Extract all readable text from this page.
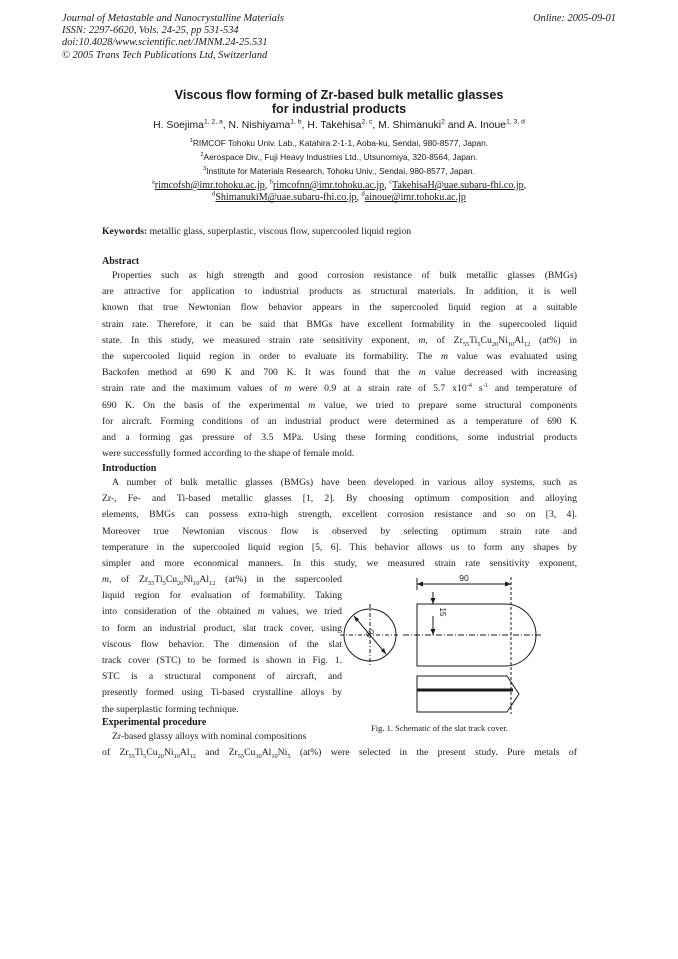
Journal of Metastable and Nanocrystalline Materials
ISSN: 2297-6620, Vols. 24-25, pp 531-534
doi:10.4028/www.scientific.net/JMNM.24-25.531
© 2005 Trans Tech Publications Ltd, Switzerland
Online: 2005-09-01
Viscous flow forming of Zr-based bulk metallic glasses
for industrial products
H. Soejima$^{1, 2, a}$, N. Nishiyama$^{1, b}$, H. Takehisa$^{2, c}$, M. Shimanuki$^2$ and A. Inoue$^{1, 3, d}$
$^1$RIMCOF Tohoku Univ. Lab., Katahira 2-1-1, Aoba-ku, Sendai, 980-8577, Japan.
$^2$Aerospace Div., Fuji Heavy Industries Ltd., Utsunomiya, 320-8564, Japan.
$^3$Institute for Materials Research, Tohoku Univ., Sendai, 980-8577, Japan.
$^a$rimcofsh@imr.tohoku.ac.jp, $^b$rimcofnn@imr.tohoku.ac.jp, $^c$TakehisaH@uae.subaru-fhi.co.jp,
$^d$ShimanukiM@uae.subaru-fhi.co.jp, $^d$ainoue@imr.tohoku.ac.jp
Keywords: metallic glass, superplastic, viscous flow, supercooled liquid region
Abstract
Properties such as high strength and good corrosion resistance of bulk metallic glasses (BMGs)
are attractive for application to industrial products as structural materials. In addition, it is well
known that true Newtonian flow behavior appears in the supercooled liquid region at a suitable
strain rate. Therefore, it can be said that BMGs have excellent formability in the supercooled liquid
state. In this study, we measured strain rate sensitivity exponent, m, of $Zr_{55}Ti_5Cu_{20}Ni_{10}Al_{12}$ (at%) in
the supercooled liquid region in order to evaluate its formability. The m value was evaluated using
Backofen method at 690 K and 700 K. It was found that the m value decreased with increasing
strain rate and the maximum values of m were 0.9 at a strain rate of 5.7 $x10^{-4}$ $s^{-1}$ and temperature of
690 K. On the basis of the experimental m value, we tried to prepare some structural components
for aircraft. Forming conditions of an industrial product were determined as a temperature of 690 K
and a forming gas pressure of 3.5 MPa. Using these forming conditions, some industrial products
were successfully formed according to the shape of female mold.
Introduction
A number of bulk metallic glasses (BMGs) have been developed in various alloy systems, such as
Zr-, Fe- and Ti-based metallic glasses [1, 2]. By choosing optimum composition and alloying
elements, BMGs can possess extra-high strength, excellent corrosion resistance and so on [3, 4].
Moreover true Newtonian viscous flow is observed by selecting optimum strain rate and
temperature in the supercooled liquid region [5, 6]. This behavior allows us to form any shapes by
simpler and more economical manners. In this study, we measured strain rate sensitivity exponent,
m, of $Zr_{55}Ti_5Cu_{20}Ni_{10}Al_{12}$ (at%) in the supercooled
liquid region for evaluation of formability. Taking
into consideration of the obtained m values, we tried
to form an industrial product, slat track cover, using
viscous flow behavior. The dimension of the slat
track cover (STC) to be formed is shown in Fig. 1.
STC is a structural component of aircraft, and
presently formed using Ti-based crystalline alloys by
the superplastic forming technique.
90
15
60
Fig. 1. Schematic of the slat track cover.
Experimental procedure
Zr-based glassy alloys with nominal compositions
of $Zr_{55}Ti_5Cu_{20}Ni_{10}Al_{12}$ and $Zr_{55}Cu_{30}Al_{10}Ni_5$ (at%) were selected in the present study. Pure metals of
